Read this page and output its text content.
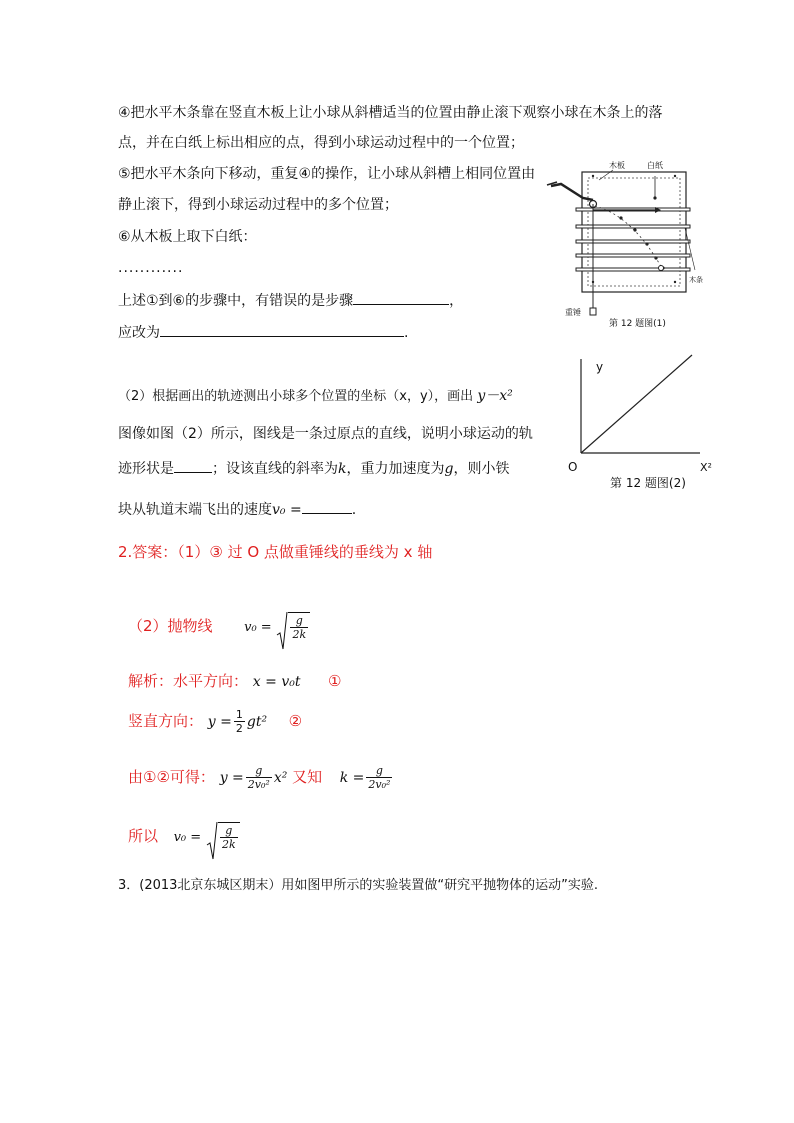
④把水平木条靠在竖直木板上让小球从斜槽适当的位置由静止滚下观察小球在木条上的落
点，并在白纸上标出相应的点，得到小球运动过程中的一个位置；
⑤把水平木条向下移动，重复④的操作，让小球从斜槽上相同位置由
静止滚下，得到小球运动过程中的多个位置；
⑥从木板上取下白纸：
............
上述①到⑥的步骤中，有错误的是步骤	，
应改为	.
（2）根据画出的轨迹测出小球多个位置的坐标（x，y），画出 y－x²
图像如图（2）所示，图线是一条过原点的直线，说明小球运动的轨
迹形状是	；设该直线的斜率为k，重力加速度为g，则小铁
块从轨道末端飞出的速度v₀ =	.
2.答案：（1）③ 过 O 点做重锤线的垂线为 x 轴
（2）抛物线 $v_0 = \frac{g}{2k}$
解析：水平方向： x = v₀t ①
竖直方向： $y = \frac{1}{2} gt^2$ ②
由①②可得： $y = \frac{g}{\text{2v₀²}} x^2$ 又知 $k = \frac{g}{\text{2v₀²}}$
所以 $v_0 = \frac{g}{2k}$
3．(2013北京东城区期末）用如图甲所示的实验装置做“研究平抛物体的运动”实验.
木板	白纸
木条
重锤
第 12 题图(1)
y
O	X²
第 12 题图(2)
